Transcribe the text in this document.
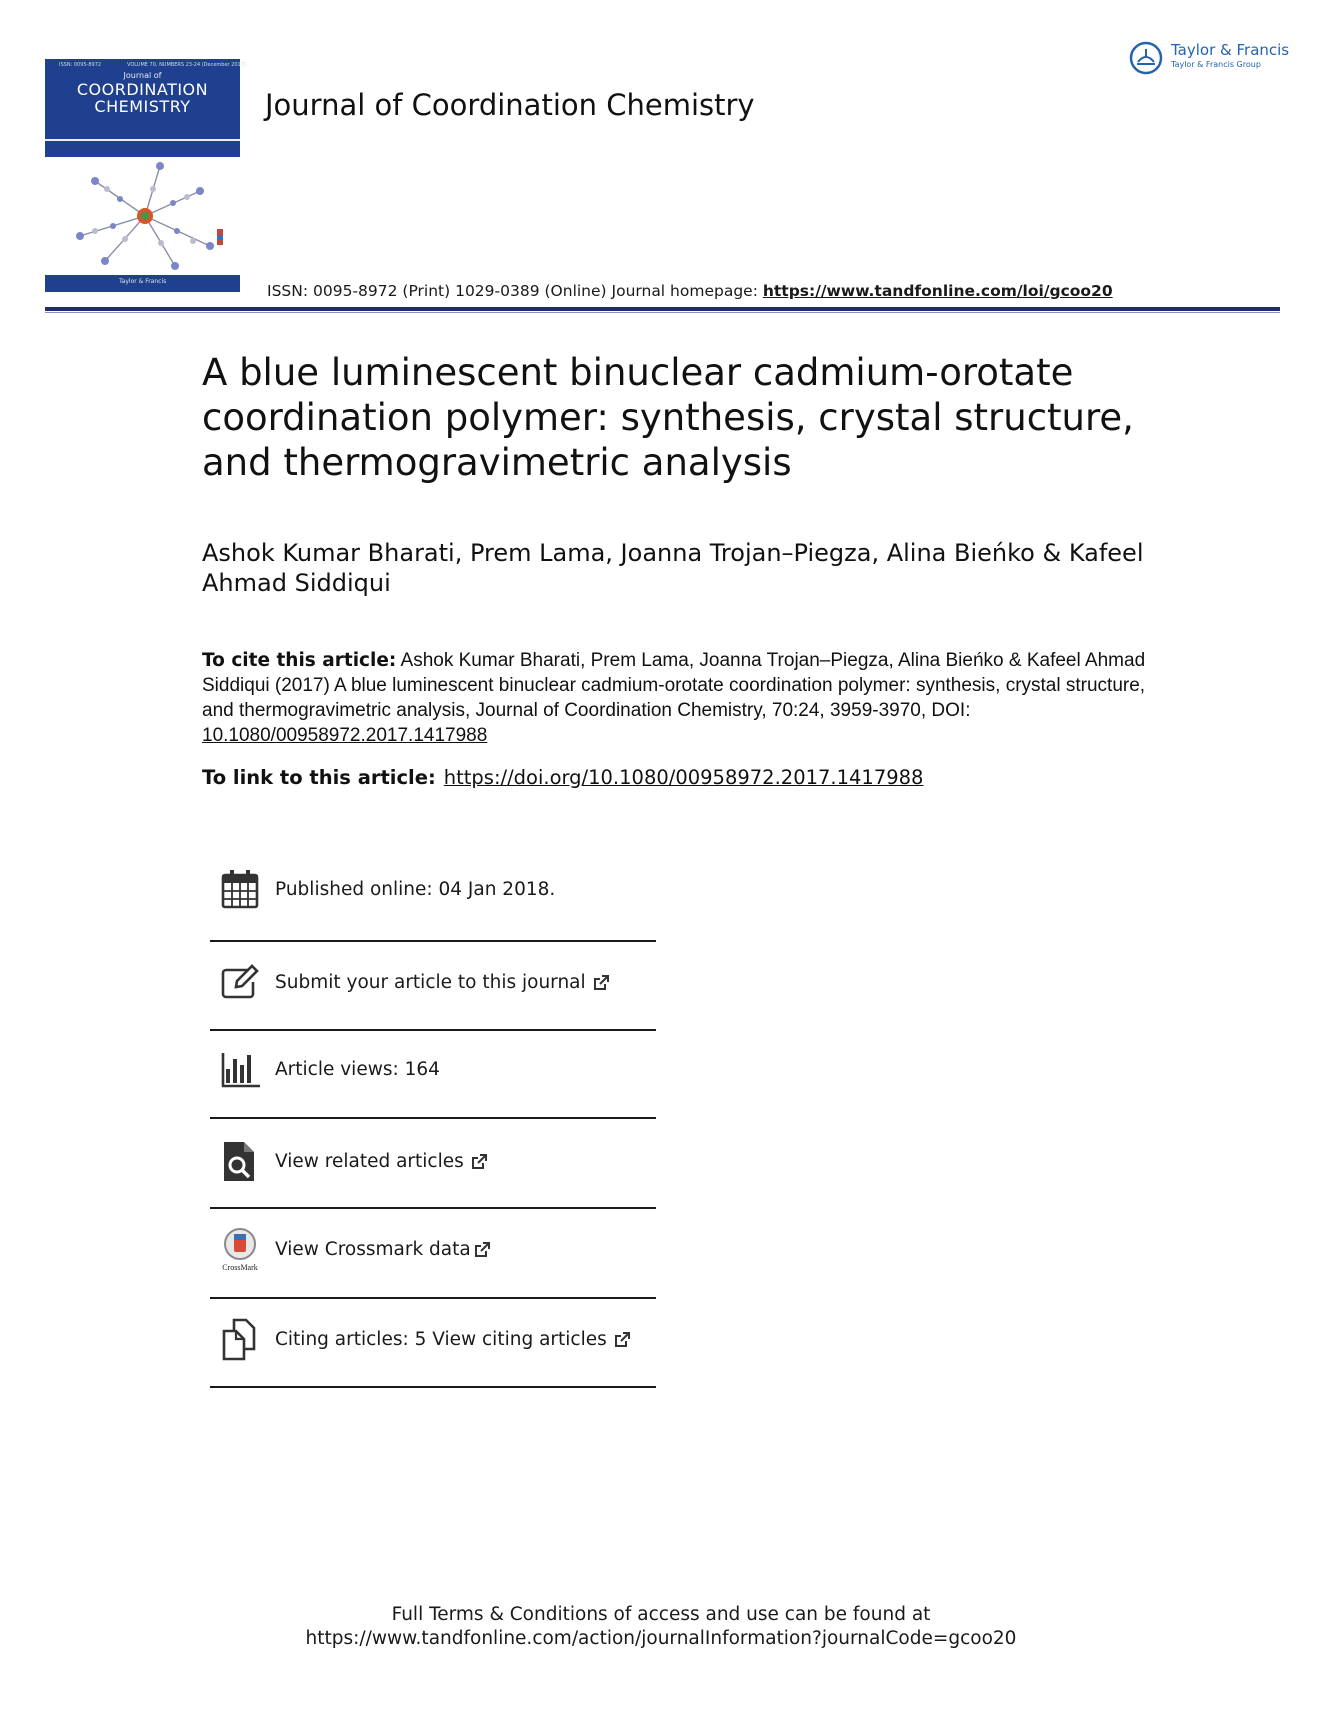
ISSN: 0095-8972	VOLUME 70, NUMBERS 23-24 (December 2017)
Journal of
COORDINATION
CHEMISTRY
Taylor & Francis
Journal of Coordination Chemistry
Taylor & Francis
Taylor & Francis Group
ISSN: 0095-8972 (Print) 1029-0389 (Online) Journal homepage: https://www.tandfonline.com/loi/gcoo20
A blue luminescent binuclear cadmium-orotate coordination polymer: synthesis, crystal structure, and thermogravimetric analysis
Ashok Kumar Bharati, Prem Lama, Joanna Trojan–Piegza, Alina Bieńko & Kafeel Ahmad Siddiqui
To cite this article: Ashok Kumar Bharati, Prem Lama, Joanna Trojan–Piegza, Alina Bieńko & Kafeel Ahmad Siddiqui (2017) A blue luminescent binuclear cadmium-orotate coordination polymer: synthesis, crystal structure, and thermogravimetric analysis, Journal of Coordination Chemistry, 70:24, 3959-3970, DOI: 10.1080/00958972.2017.1417988
To link to this article: https://doi.org/10.1080/00958972.2017.1417988
Published online: 04 Jan 2018.
Submit your article to this journal
Article views: 164
View related articles
CrossMark
View Crossmark data
Citing articles: 5 View citing articles
Full Terms & Conditions of access and use can be found at
https://www.tandfonline.com/action/journalInformation?journalCode=gcoo20
